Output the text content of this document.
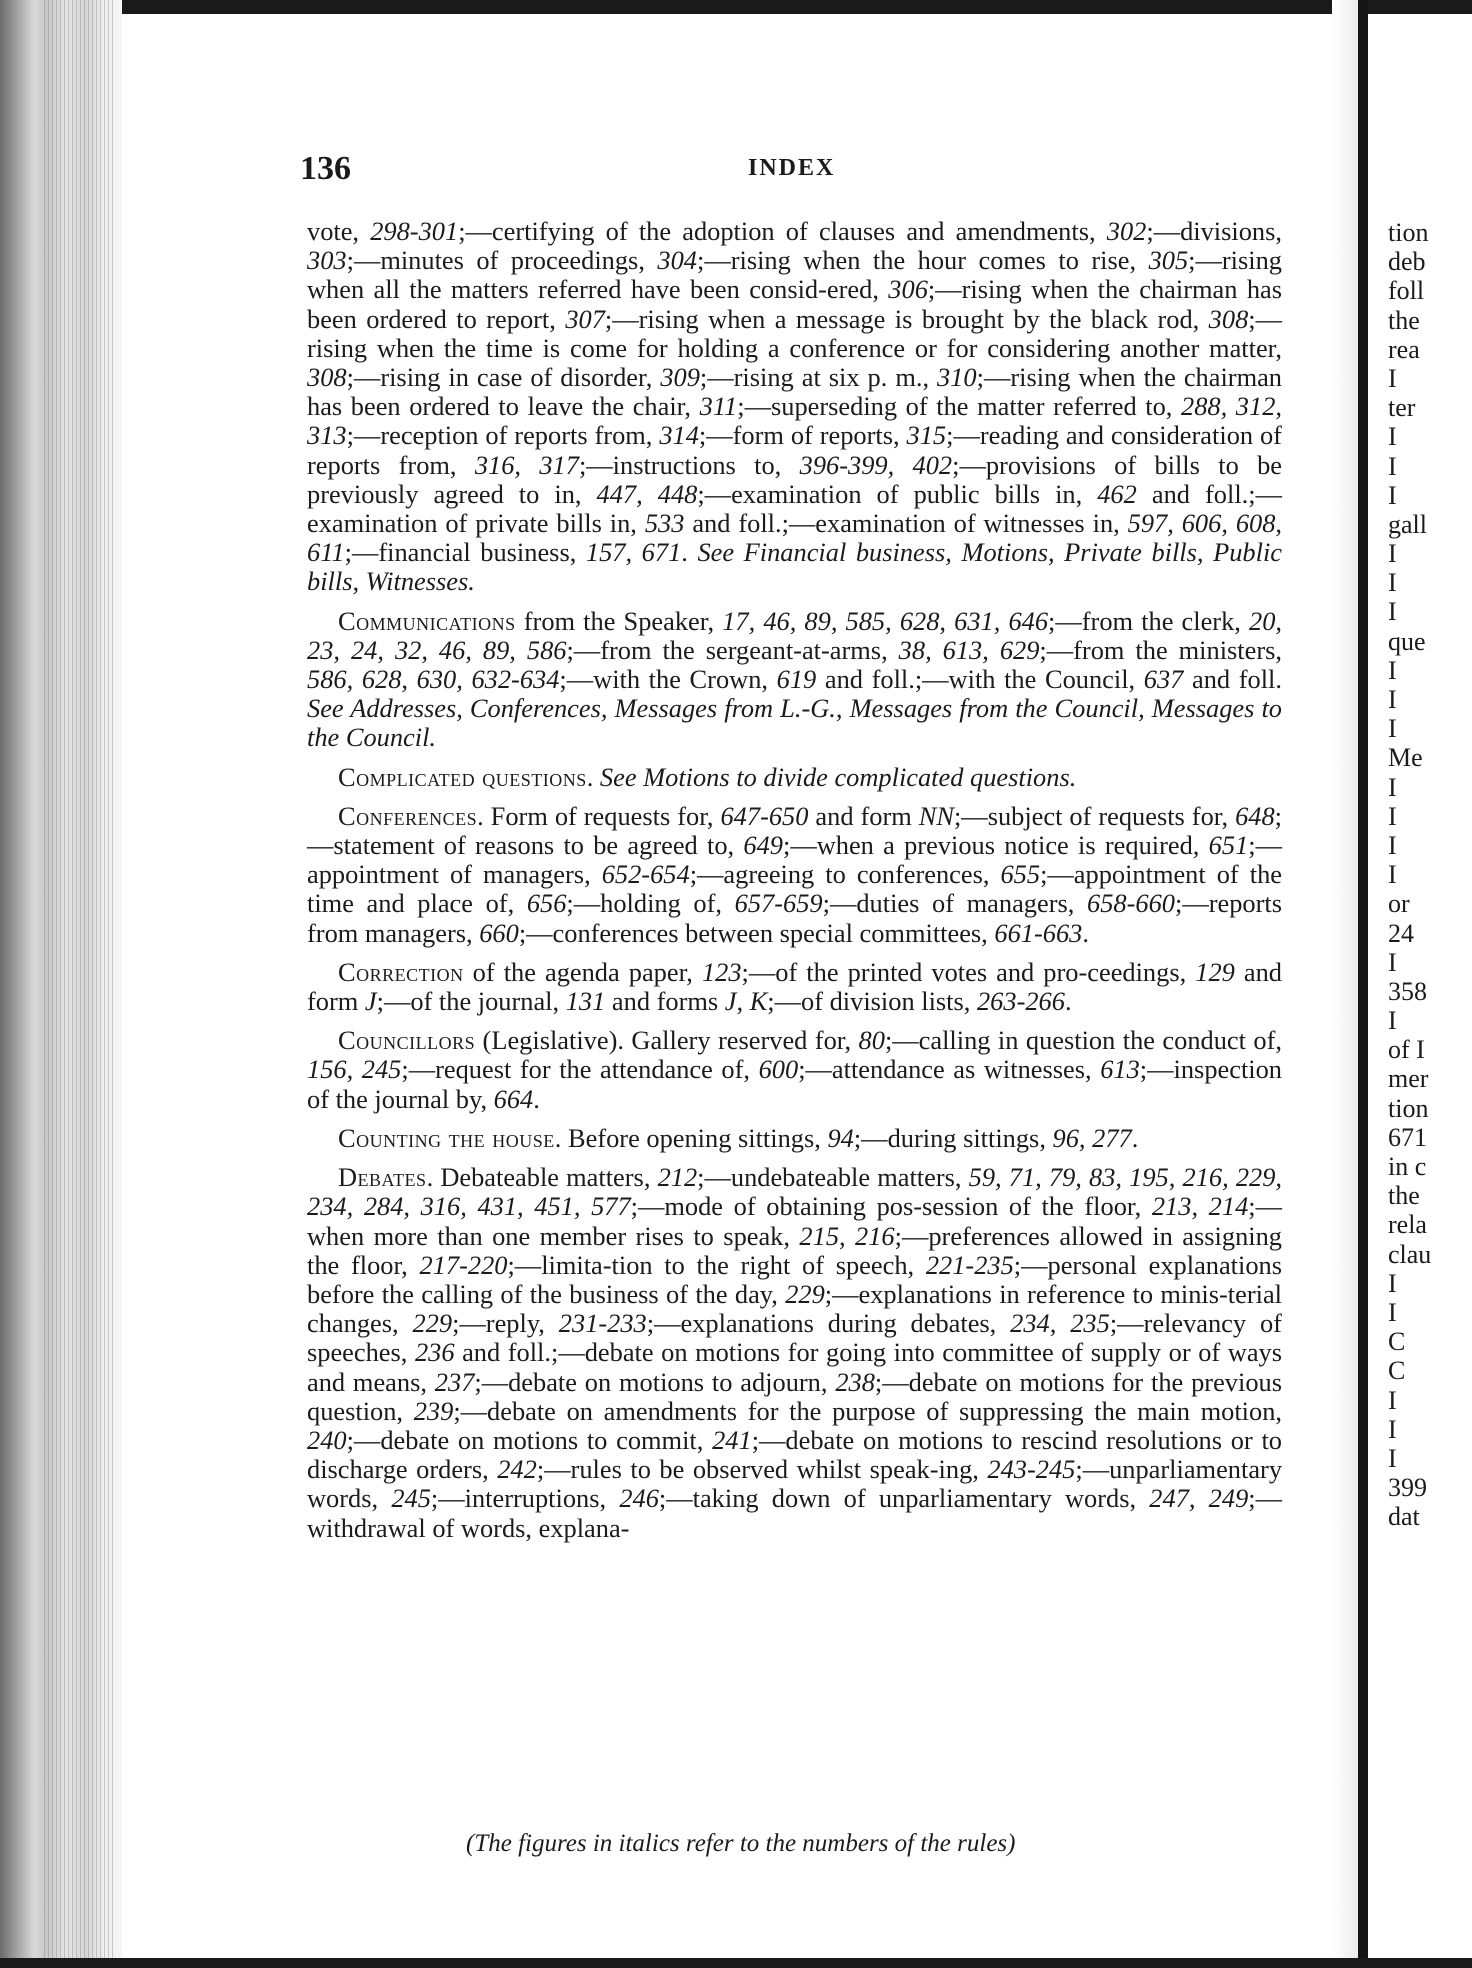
136	INDEX

vote, 298-301;—certifying of the adoption of clauses and amendments, 302;—divisions, 303;—minutes of proceedings, 304;—rising when the hour comes to rise, 305;—rising when all the matters referred have been consid-ered, 306;—rising when the chairman has been ordered to report, 307;—rising when a message is brought by the black rod, 308;—rising when the time is come for holding a conference or for considering another matter, 308;—rising in case of disorder, 309;—rising at six p. m., 310;—rising when the chairman has been ordered to leave the chair, 311;—superseding of the matter referred to, 288, 312, 313;—reception of reports from, 314;—form of reports, 315;—reading and consideration of reports from, 316, 317;—instructions to, 396-399, 402;—provisions of bills to be previously agreed to in, 447, 448;—examination of public bills in, 462 and foll.;—examination of private bills in, 533 and foll.;—examination of witnesses in, 597, 606, 608, 611;—financial business, 157, 671. See Financial business, Motions, Private bills, Public bills, Witnesses.

Communications from the Speaker, 17, 46, 89, 585, 628, 631, 646;—from the clerk, 20, 23, 24, 32, 46, 89, 586;—from the sergeant-at-arms, 38, 613, 629;—from the ministers, 586, 628, 630, 632-634;—with the Crown, 619 and foll.;—with the Council, 637 and foll. See Addresses, Conferences, Messages from L.-G., Messages from the Council, Messages to the Council.

Complicated questions. See Motions to divide complicated questions.

Conferences. Form of requests for, 647-650 and form NN;—subject of requests for, 648;—statement of reasons to be agreed to, 649;—when a previous notice is required, 651;—appointment of managers, 652-654;—agreeing to conferences, 655;—appointment of the time and place of, 656;—holding of, 657-659;—duties of managers, 658-660;—reports from managers, 660;—conferences between special committees, 661-663.

Correction of the agenda paper, 123;—of the printed votes and pro-ceedings, 129 and form J;—of the journal, 131 and forms J, K;—of division lists, 263-266.

Councillors (Legislative). Gallery reserved for, 80;—calling in question the conduct of, 156, 245;—request for the attendance of, 600;—attendance as witnesses, 613;—inspection of the journal by, 664.

Counting the house. Before opening sittings, 94;—during sittings, 96, 277.

Debates. Debateable matters, 212;—undebateable matters, 59, 71, 79, 83, 195, 216, 229, 234, 284, 316, 431, 451, 577;—mode of obtaining pos-session of the floor, 213, 214;—when more than one member rises to speak, 215, 216;—preferences allowed in assigning the floor, 217-220;—limita-tion to the right of speech, 221-235;—personal explanations before the calling of the business of the day, 229;—explanations in reference to minis-terial changes, 229;—reply, 231-233;—explanations during debates, 234, 235;—relevancy of speeches, 236 and foll.;—debate on motions for going into committee of supply or of ways and means, 237;—debate on motions to adjourn, 238;—debate on motions for the previous question, 239;—debate on amendments for the purpose of suppressing the main motion, 240;—debate on motions to commit, 241;—debate on motions to rescind resolutions or to discharge orders, 242;—rules to be observed whilst speak-ing, 243-245;—unparliamentary words, 245;—interruptions, 246;—taking down of unparliamentary words, 247, 249;—withdrawal of words, explana-

(The figures in italics refer to the numbers of the rules)
tion
deb
foll
the
rea
I
ter
I
I
I
gall
I
I
I
que
I
I
I
Me
I
I
I
I
or
24
I
358
I
of I
mer
tion
671
in c
the
rela
clau
I
I
C
C
I
I
I
399
dat
